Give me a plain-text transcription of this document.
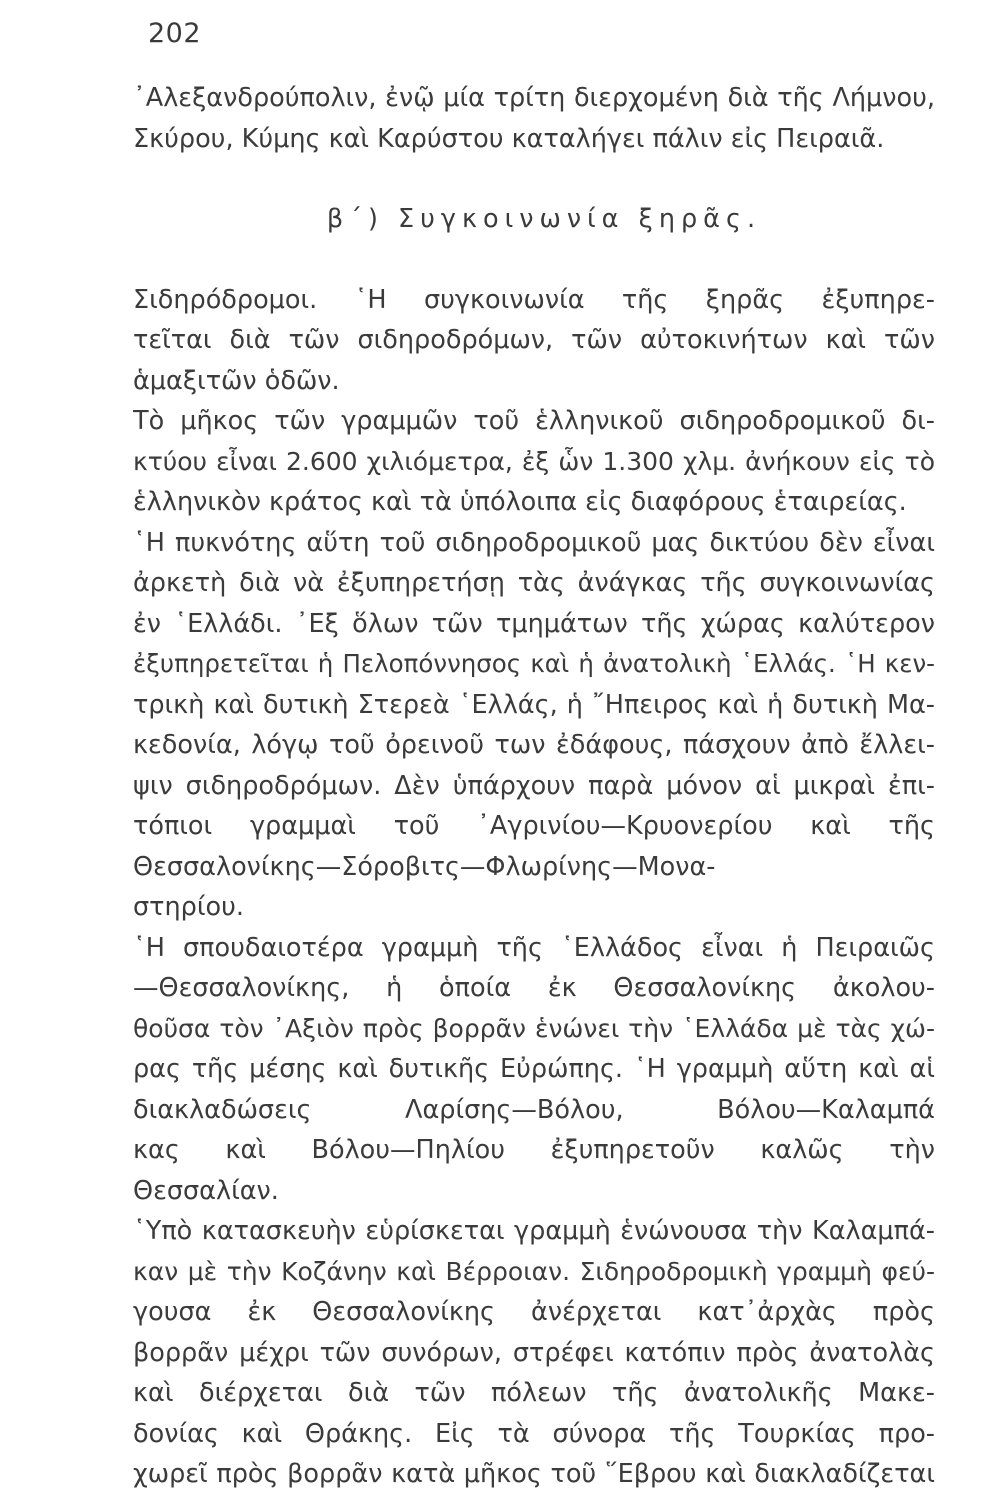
202
᾿Αλεξανδρούπολιν, ἐνῷ μία τρίτη διερχομένη διὰ τῆς Λήμνου,
Σκύρου, Κύμης καὶ Καρύστου καταλήγει πάλιν εἰς Πειραιᾶ.
β΄) Συγκοινωνία ξηρᾶς.
Σιδηρόδρομοι. ῾Η συγκοινωνία τῆς ξηρᾶς ἐξυπηρε-
τεῖται διὰ τῶν σιδηροδρόμων, τῶν αὐτοκινήτων καὶ τῶν
ἁμαξιτῶν ὁδῶν.
Τὸ μῆκος τῶν γραμμῶν τοῦ ἑλληνικοῦ σιδηροδρομικοῦ δι-
κτύου εἶναι 2.600 χιλιόμετρα, ἐξ ὧν 1.300 χλμ. ἀνήκουν εἰς τὸ
ἑλληνικὸν κράτος καὶ τὰ ὑπόλοιπα εἰς διαφόρους ἑταιρείας.
῾Η πυκνότης αὕτη τοῦ σιδηροδρομικοῦ μας δικτύου δὲν εἶναι
ἀρκετὴ διὰ νὰ ἐξυπηρετήσῃ τὰς ἀνάγκας τῆς συγκοινωνίας
ἐν ῾Ελλάδι. ᾿Εξ ὅλων τῶν τμημάτων τῆς χώρας καλύτερον
ἐξυπηρετεῖται ἡ Πελοπόννησος καὶ ἡ ἀνατολικὴ ῾Ελλάς. ῾Η κεν-
τρικὴ καὶ δυτικὴ Στερεὰ ῾Ελλάς, ἡ ῎Ηπειρος καὶ ἡ δυτικὴ Μα-
κεδονία, λόγῳ τοῦ ὀρεινοῦ των ἐδάφους, πάσχουν ἀπὸ ἔλλει-
ψιν σιδηροδρόμων. Δὲν ὑπάρχουν παρὰ μόνον αἱ μικραὶ ἐπι-
τόπιοι γραμμαὶ τοῦ ᾿Αγρινίου—Κρυονερίου καὶ τῆς
Θεσσαλονίκης—Σόροβιτς—Φλωρίνης—Μονα-
στηρίου.
῾Η σπουδαιοτέρα γραμμὴ τῆς ῾Ελλάδος εἶναι ἡ Πειραιῶς
—Θεσσαλονίκης, ἡ ὁποία ἐκ Θεσσαλονίκης ἀκολου-
θοῦσα τὸν ᾿Αξιὸν πρὸς βορρᾶν ἑνώνει τὴν ῾Ελλάδα μὲ τὰς χώ-
ρας τῆς μέσης καὶ δυτικῆς Εὐρώπης. ῾Η γραμμὴ αὕτη καὶ αἱ
διακλαδώσεις Λαρίσης—Βόλου, Βόλου—Καλαμπά
κας καὶ Βόλου—Πηλίου ἐξυπηρετοῦν καλῶς τὴν
Θεσσαλίαν.
῾Υπὸ κατασκευὴν εὑρίσκεται γραμμὴ ἑνώνουσα τὴν Καλαμπά-
καν μὲ τὴν Κοζάνην καὶ Βέρροιαν. Σιδηροδρομικὴ γραμμὴ φεύ-
γουσα ἐκ Θεσσαλονίκης ἀνέρχεται κατ᾿ἀρχὰς πρὸς
βορρᾶν μέχρι τῶν συνόρων, στρέφει κατόπιν πρὸς ἀνατολὰς
καὶ διέρχεται διὰ τῶν πόλεων τῆς ἀνατολικῆς Μακε-
δονίας καὶ Θράκης. Εἰς τὰ σύνορα τῆς Τουρκίας προ-
χωρεῖ πρὸς βορρᾶν κατὰ μῆκος τοῦ ῞Εβρου καὶ διακλαδίζεται
